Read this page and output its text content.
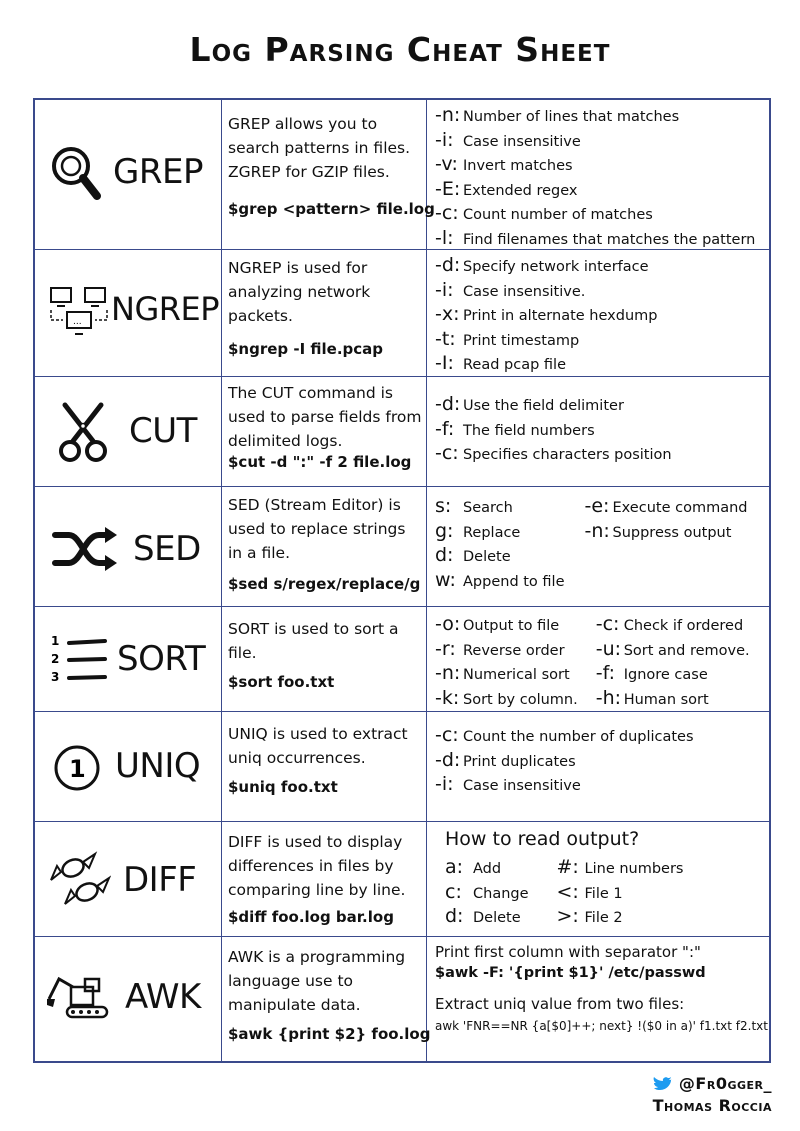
Log Parsing Cheat Sheet
GREP
GREP allows you to search patterns in files. ZGREP for GZIP files.
$grep <pattern> file.log
-n: Number of lines that matches
-i: Case insensitive
-v: Invert matches
-E: Extended regex
-c: Count number of matches
-l: Find filenames that matches the pattern
... NGREP
NGREP is used for analyzing network packets.
$ngrep -I file.pcap
-d: Specify network interface
-i: Case insensitive.
-x: Print in alternate hexdump
-t: Print timestamp
-I: Read pcap file
CUT
The CUT command is used to parse fields from delimited logs.
$cut -d ":" -f 2 file.log
-d: Use the field delimiter
-f: The field numbers
-c: Specifies characters position
SED
SED (Stream Editor) is used to replace strings in a file.
$sed s/regex/replace/g
s: Search
g: Replace
d: Delete
w: Append to file
-e: Execute command
-n: Suppress output
1
2
3 SORT
SORT is used to sort a file.
$sort foo.txt
-o: Output to file
-r: Reverse order
-n: Numerical sort
-k: Sort by column.
-c: Check if ordered
-u: Sort and remove.
-f: Ignore case
-h: Human sort
1 UNIQ
UNIQ is used to extract uniq occurrences.
$uniq foo.txt
-c: Count the number of duplicates
-d: Print duplicates
-i: Case insensitive
DIFF
DIFF is used to display differences in files by comparing line by line.
$diff foo.log bar.log
How to read output?
a: Add
c: Change
d: Delete
#: Line numbers
<: File 1
>: File 2
AWK
AWK is a programming language use to manipulate data.
$awk {print $2} foo.log
Print first column with separator ":"
$awk -F: '{print $1}' /etc/passwd
Extract uniq value from two files:
awk 'FNR==NR {a[$0]++; next} !($0 in a)' f1.txt f2.txt
@Fr0gger_
Thomas Roccia
